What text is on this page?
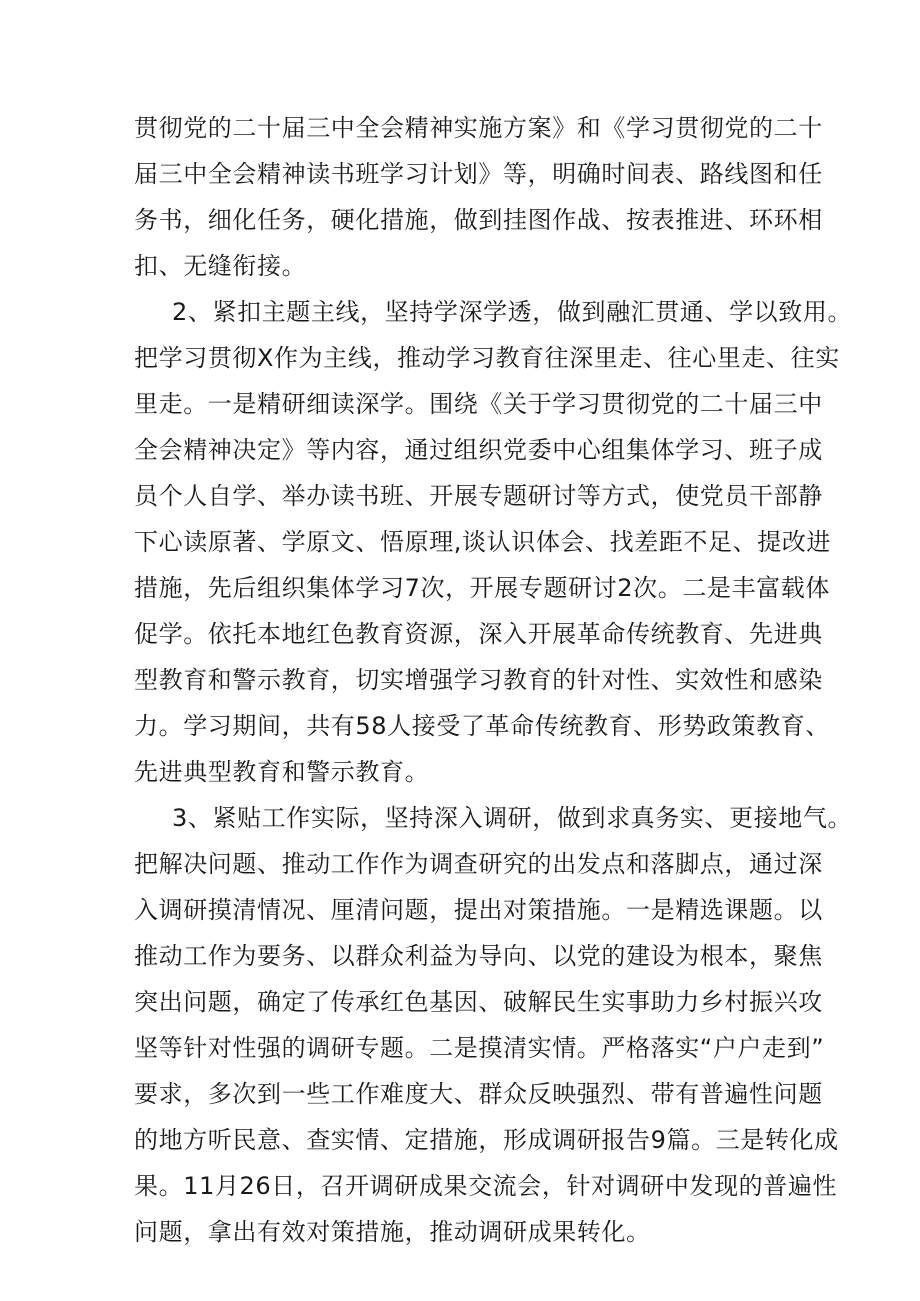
贯彻党的二十届三中全会精神实施方案》和《学习贯彻党的二十
届三中全会精神读书班学习计划》等，明确时间表、路线图和任
务书，细化任务，硬化措施，做到挂图作战、按表推进、环环相
扣、无缝衔接。
2、紧扣主题主线，坚持学深学透，做到融汇贯通、学以致用。
把学习贯彻X作为主线，推动学习教育往深里走、往心里走、往实
里走。一是精研细读深学。围绕《关于学习贯彻党的二十届三中
全会精神决定》等内容，通过组织党委中心组集体学习、班子成
员个人自学、举办读书班、开展专题研讨等方式，使党员干部静
下心读原著、学原文、悟原理,谈认识体会、找差距不足、提改进
措施，先后组织集体学习7次，开展专题研讨2次。二是丰富载体
促学。依托本地红色教育资源，深入开展革命传统教育、先进典
型教育和警示教育，切实增强学习教育的针对性、实效性和感染
力。学习期间，共有58人接受了革命传统教育、形势政策教育、
先进典型教育和警示教育。
3、紧贴工作实际，坚持深入调研，做到求真务实、更接地气。
把解决问题、推动工作作为调查研究的出发点和落脚点，通过深
入调研摸清情况、厘清问题，提出对策措施。一是精选课题。以
推动工作为要务、以群众利益为导向、以党的建设为根本，聚焦
突出问题，确定了传承红色基因、破解民生实事助力乡村振兴攻
坚等针对性强的调研专题。二是摸清实情。严格落实“户户走到”
要求，多次到一些工作难度大、群众反映强烈、带有普遍性问题
的地方听民意、查实情、定措施，形成调研报告9篇。三是转化成
果。11月26日，召开调研成果交流会，针对调研中发现的普遍性
问题，拿出有效对策措施，推动调研成果转化。
